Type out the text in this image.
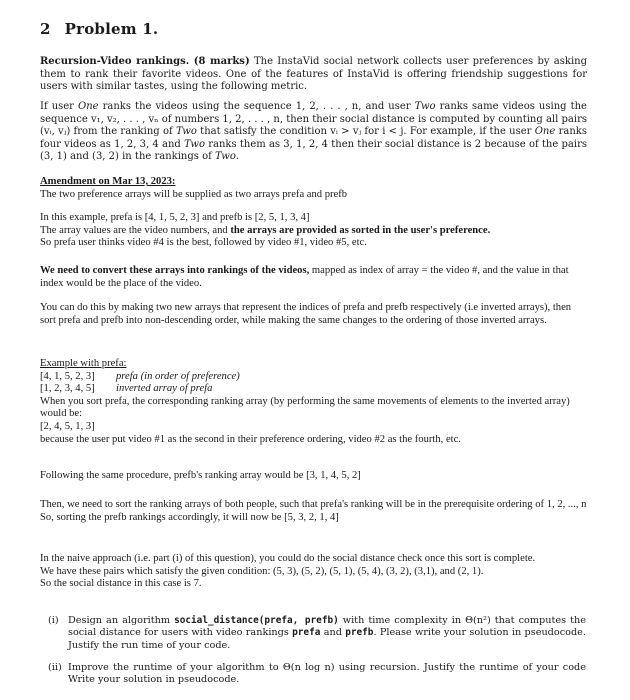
2 Problem 1.
Recursion-Video rankings. (8 marks) The InstaVid social network collects user preferences by asking them to rank their favorite videos. One of the features of InstaVid is offering friendship suggestions for users with similar tastes, using the following metric.
If user One ranks the videos using the sequence 1, 2, . . . , n, and user Two ranks same videos using the sequence v₁, v₂, . . . , vₙ of numbers 1, 2, . . . , n, then their social distance is computed by counting all pairs (vᵢ, vⱼ) from the ranking of Two that satisfy the condition vᵢ > vⱼ for i < j. For example, if the user One ranks four videos as 1, 2, 3, 4 and Two ranks them as 3, 1, 2, 4 then their social distance is 2 because of the pairs (3, 1) and (3, 2) in the rankings of Two.
Amendment on Mar 13, 2023:
The two preference arrays will be supplied as two arrays prefa and prefb
In this example, prefa is [4, 1, 5, 2, 3] and prefb is [2, 5, 1, 3, 4]
The array values are the video numbers, and the arrays are provided as sorted in the user's preference.
So prefa user thinks video #4 is the best, followed by video #1, video #5, etc.
We need to convert these arrays into rankings of the videos, mapped as index of array = the video #, and the value in that index would be the place of the video.
You can do this by making two new arrays that represent the indices of prefa and prefb respectively (i.e inverted arrays), then sort prefa and prefb into non-descending order, while making the same changes to the ordering of those inverted arrays.
Example with prefa:
[4, 1, 5, 2, 3]	prefa (in order of preference)
[1, 2, 3, 4, 5]	inverted array of prefa
When you sort prefa, the corresponding ranking array (by performing the same movements of elements to the inverted array) would be:
[2, 4, 5, 1, 3]
because the user put video #1 as the second in their preference ordering, video #2 as the fourth, etc.
Following the same procedure, prefb's ranking array would be [3, 1, 4, 5, 2]
Then, we need to sort the ranking arrays of both people, such that prefa's ranking will be in the prerequisite ordering of 1, 2, ..., n
So, sorting the prefb rankings accordingly, it will now be [5, 3, 2, 1, 4]
In the naive approach (i.e. part (i) of this question), you could do the social distance check once this sort is complete.
We have these pairs which satisfy the given condition: (5, 3), (5, 2), (5, 1), (5, 4), (3, 2), (3,1), and (2, 1).
So the social distance in this case is 7.
(i) Design an algorithm social_distance(prefa, prefb) with time complexity in Θ(n²) that computes the social distance for users with video rankings prefa and prefb. Please write your solution in pseudocode. Justify the run time of your code.
(ii) Improve the runtime of your algorithm to Θ(n log n) using recursion. Justify the runtime of your code Write your solution in pseudocode.
